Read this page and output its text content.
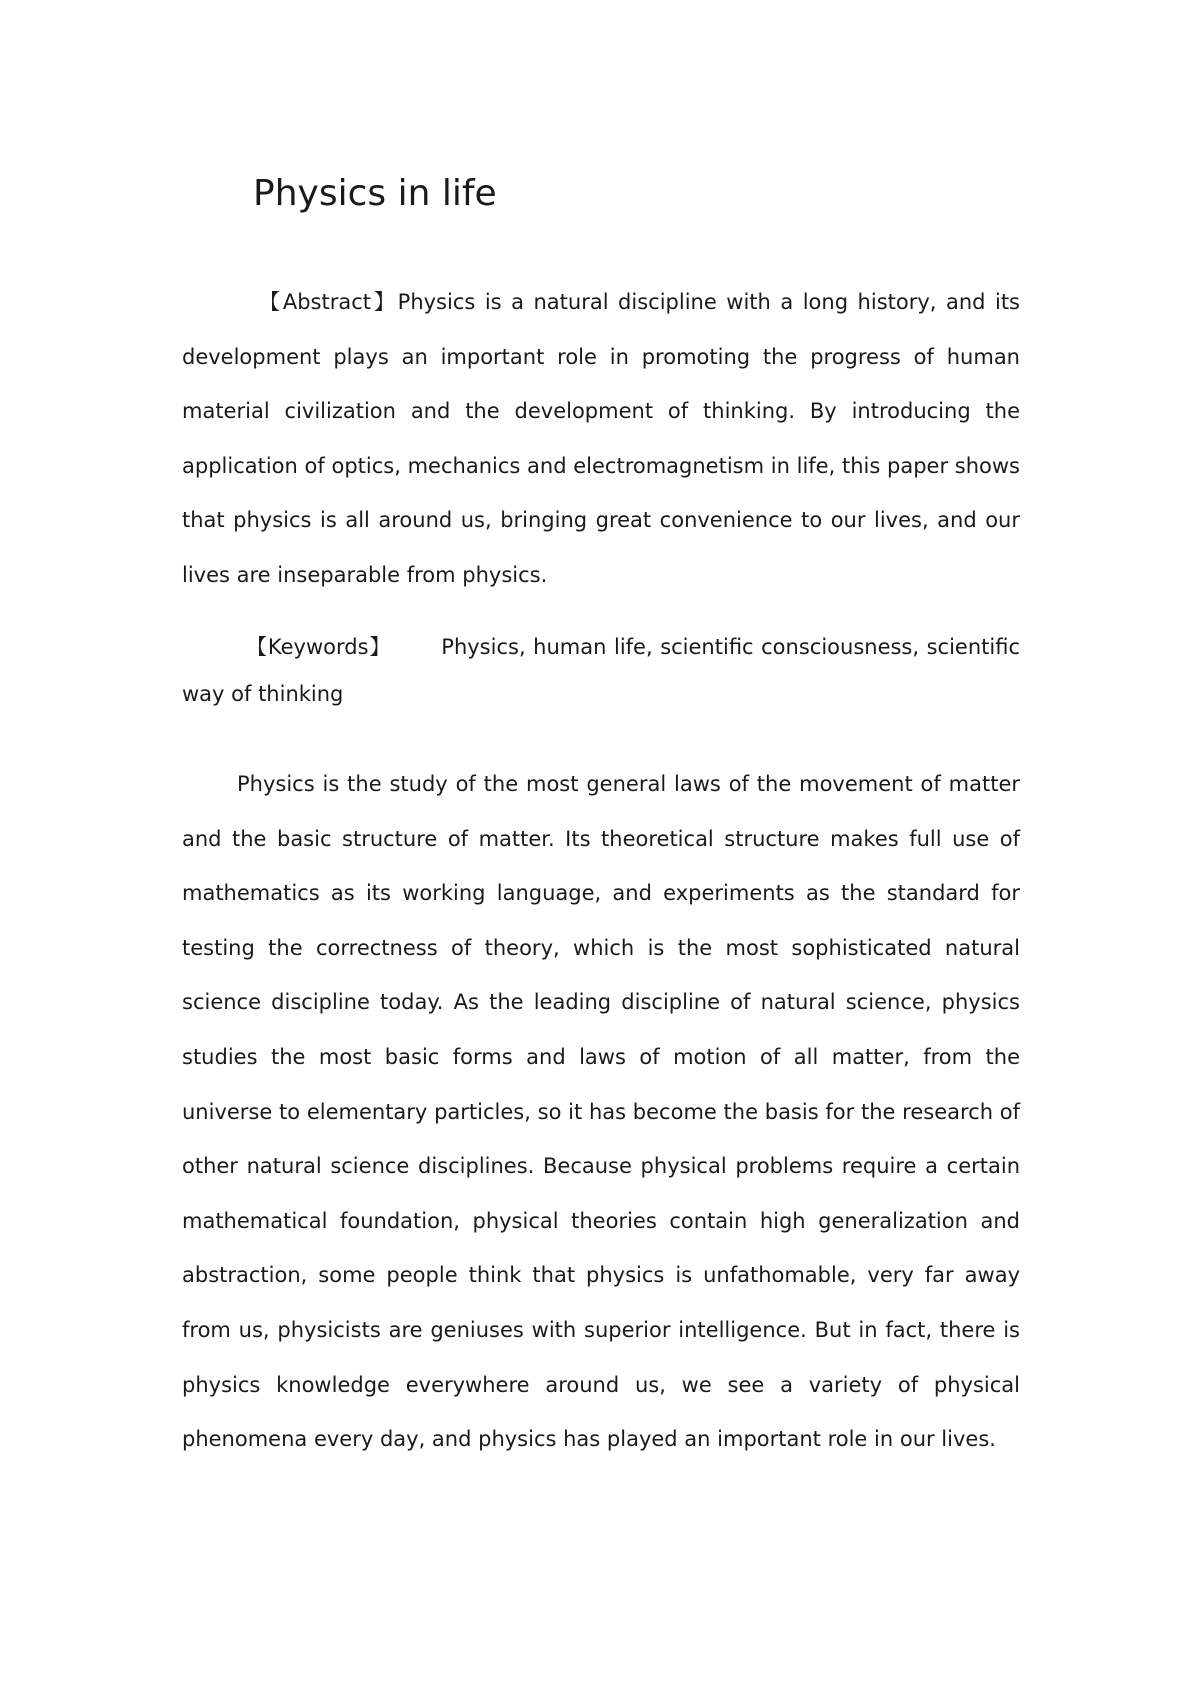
Physics in life

【Abstract】Physics is a natural discipline with a long history, and its development plays an important role in promoting the progress of human material civilization and the development of thinking. By introducing the application of optics, mechanics and electromagnetism in life, this paper shows that physics is all around us, bringing great convenience to our lives, and our lives are inseparable from physics.

【Keywords】 Physics, human life, scientific consciousness, scientific way of thinking

Physics is the study of the most general laws of the movement of matter and the basic structure of matter. Its theoretical structure makes full use of mathematics as its working language, and experiments as the standard for testing the correctness of theory, which is the most sophisticated natural science discipline today. As the leading discipline of natural science, physics studies the most basic forms and laws of motion of all matter, from the universe to elementary particles, so it has become the basis for the research of other natural science disciplines. Because physical problems require a certain mathematical foundation, physical theories contain high generalization and abstraction, some people think that physics is unfathomable, very far away from us, physicists are geniuses with superior intelligence. But in fact, there is physics knowledge everywhere around us, we see a variety of physical phenomena every day, and physics has played an important role in our lives.
